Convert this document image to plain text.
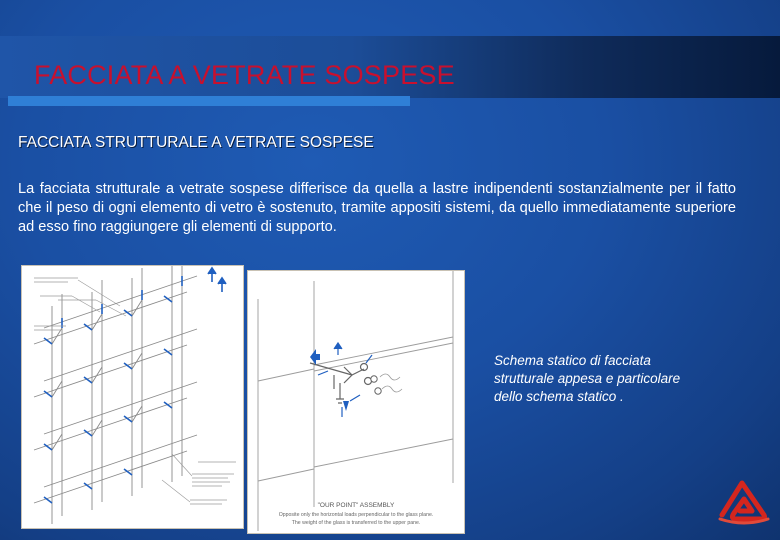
FACCIATA A VETRATE SOSPESE
FACCIATA STRUTTURALE A VETRATE SOSPESE

La facciata strutturale a vetrate sospese differisce da quella a lastre indipendenti sostanzialmente per il fatto che il peso di ogni elemento di vetro è sostenuto, tramite appositi sistemi, da quello immediatamente superiore ad esso fino raggiungere gli elementi di supporto.

"OUR POINT" ASSEMBLY
Opposite only the horizontal loads perpendicular to the glass plane.
The weight of the glass is transferred to the upper pane.

Schema statico di facciata strutturale appesa e particolare dello schema statico .
